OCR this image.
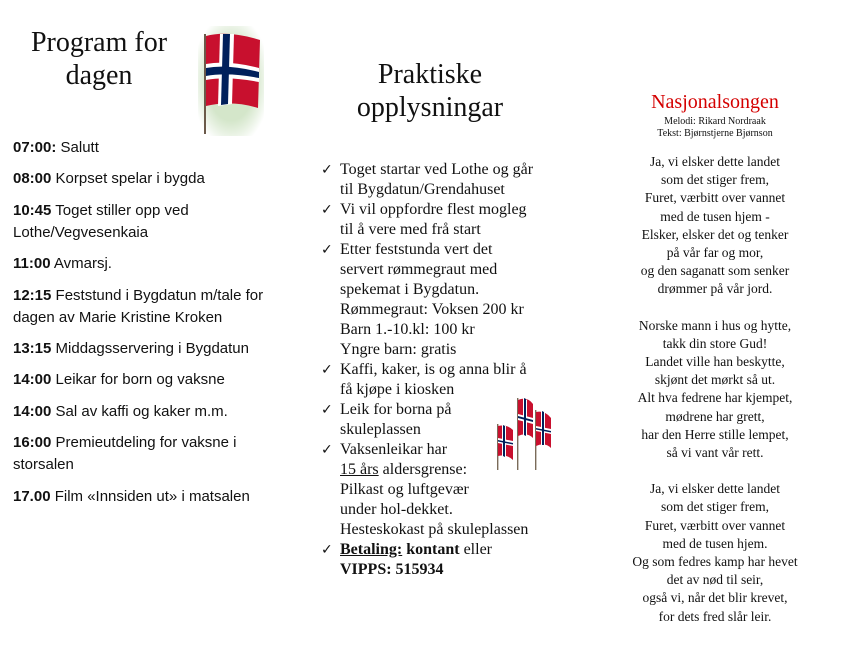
Program for dagen
07:00: Salutt
08:00 Korpset spelar i bygda
10:45 Toget stiller opp ved Lothe/Vegvesenkaia
11:00 Avmarsj.
12:15 Feststund i Bygdatun m/tale for dagen av Marie Kristine Kroken
13:15 Middagsservering i Bygdatun
14:00 Leikar for born og vaksne
14:00 Sal av kaffi og kaker m.m.
16:00 Premieutdeling for vaksne i storsalen
17.00 Film «Innsiden ut» i matsalen
Praktiske opplysningar
✓ Toget startar ved Lothe og går
til Bygdatun/Grendahuset
✓ Vi vil oppfordre flest mogleg
til å vere med frå start
✓ Etter feststunda vert det
servert rømmegraut med
spekemat i Bygdatun.
Rømmegraut: Voksen 200 kr
Barn 1.-10.kl: 100 kr
Yngre barn: gratis
✓ Kaffi, kaker, is og anna blir å
få kjøpe i kiosken
✓ Leik for borna på
skuleplassen
✓ Vaksenleikar har
15 års aldersgrense:
Pilkast og luftgevær
under hol-dekket.
Hesteskokast på skuleplassen
✓ Betaling: kontant eller
VIPPS: 515934
Nasjonalsongen
Melodi: Rikard Nordraak
Tekst: Bjørnstjerne Bjørnson
Ja, vi elsker dette landet
som det stiger frem,
Furet, værbitt over vannet
med de tusen hjem -
Elsker, elsker det og tenker
på vår far og mor,
og den saganatt som senker
drømmer på vår jord.
Norske mann i hus og hytte,
takk din store Gud!
Landet ville han beskytte,
skjønt det mørkt så ut.
Alt hva fedrene har kjempet,
mødrene har grett,
har den Herre stille lempet,
så vi vant vår rett.
Ja, vi elsker dette landet
som det stiger frem,
Furet, værbitt over vannet
med de tusen hjem.
Og som fedres kamp har hevet
det av nød til seir,
også vi, når det blir krevet,
for dets fred slår leir.
